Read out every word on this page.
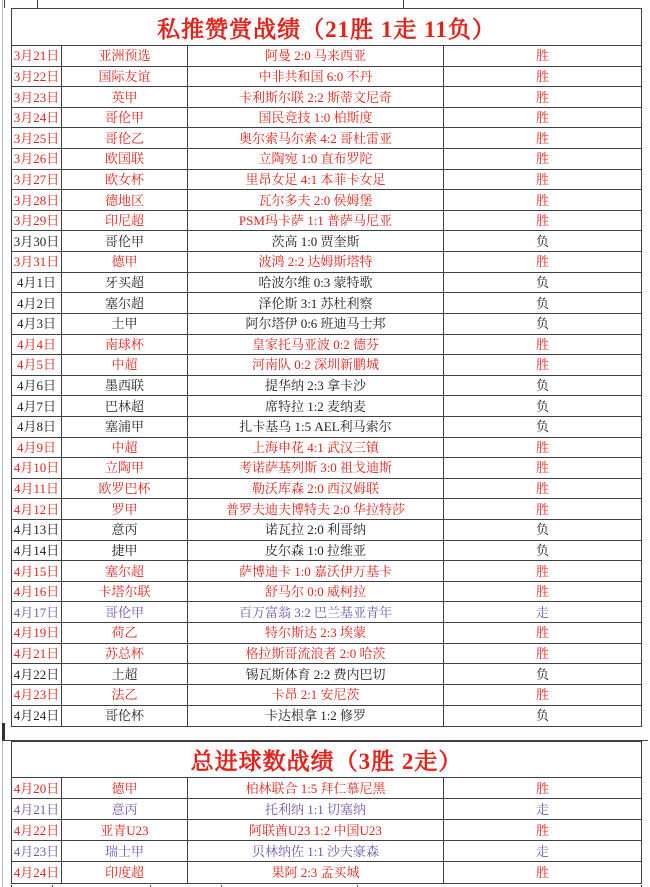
私推赞赏战绩（21胜 1走 11负）
3月21日	亚洲预选	阿曼 2:0 马来西亚	胜
3月22日	国际友谊	中非共和国 6:0 不丹	胜
3月23日	英甲	卡利斯尔联 2:2 斯蒂文尼奇	胜
3月24日	哥伦甲	国民竞技 1:0 柏斯度	胜
3月25日	哥伦乙	奥尔索马尔索 4:2 哥杜雷亚	胜
3月26日	欧国联	立陶宛 1:0 直布罗陀	胜
3月27日	欧女杯	里昂女足 4:1 本菲卡女足	胜
3月28日	德地区	瓦尔多夫 2:0 侯姆堡	胜
3月29日	印尼超	PSM玛卡萨 1:1 普萨马尼亚	胜
3月30日	哥伦甲	茨高 1:0 贾奎斯	负
3月31日	德甲	波鸿 2:2 达姆斯塔特	胜
4月1日	牙买超	哈波尔维 0:3 蒙特歌	负
4月2日	塞尔超	泽伦斯 3:1 苏杜利察	负
4月3日	土甲	阿尔塔伊 0:6 班迪马士邦	负
4月4日	南球杯	皇家托马亚波 0:2 德芬	胜
4月5日	中超	河南队 0:2 深圳新鹏城	胜
4月6日	墨西联	提华纳 2:3 拿卡沙	负
4月7日	巴林超	席特拉 1:2 麦纳麦	负
4月8日	塞浦甲	扎卡基乌 1:5 AEL利马索尔	负
4月9日	中超	上海申花 4:1 武汉三镇	胜
4月10日	立陶甲	考诺萨基列斯 3:0 祖戈迪斯	胜
4月11日	欧罗巴杯	勒沃库森 2:0 西汉姆联	胜
4月12日	罗甲	普罗夫迪夫博特夫 2:0 华拉特莎	胜
4月13日	意丙	诺瓦拉 2:0 利哥纳	负
4月14日	捷甲	皮尔森 1:0 拉维亚	负
4月15日	塞尔超	萨博迪卡 1:0 嘉沃伊万基卡	胜
4月16日	卡塔尔联	舒马尔 0:0 威柯拉	胜
4月17日	哥伦甲	百万富翁 3:2 巴兰基亚青年	走
4月19日	荷乙	特尔斯达 2:3 埃蒙	胜
4月21日	苏总杯	格拉斯哥流浪者 2:0 哈茨	胜
4月22日	土超	锡瓦斯体育 2:2 费内巴切	负
4月23日	法乙	卡昂 2:1 安尼茨	胜
4月24日	哥伦杯	卡达根拿 1:2 修罗	负
总进球数战绩（3胜 2走）
4月20日	德甲	柏林联合 1:5 拜仁慕尼黑	胜
4月21日	意丙	托利纳 1:1 切塞纳	走
4月22日	亚青U23	阿联酋U23 1:2 中国U23	胜
4月23日	瑞士甲	贝林纳佐 1:1 沙夫豪森	走
4月24日	印度超	果阿 2:3 孟买城	胜
